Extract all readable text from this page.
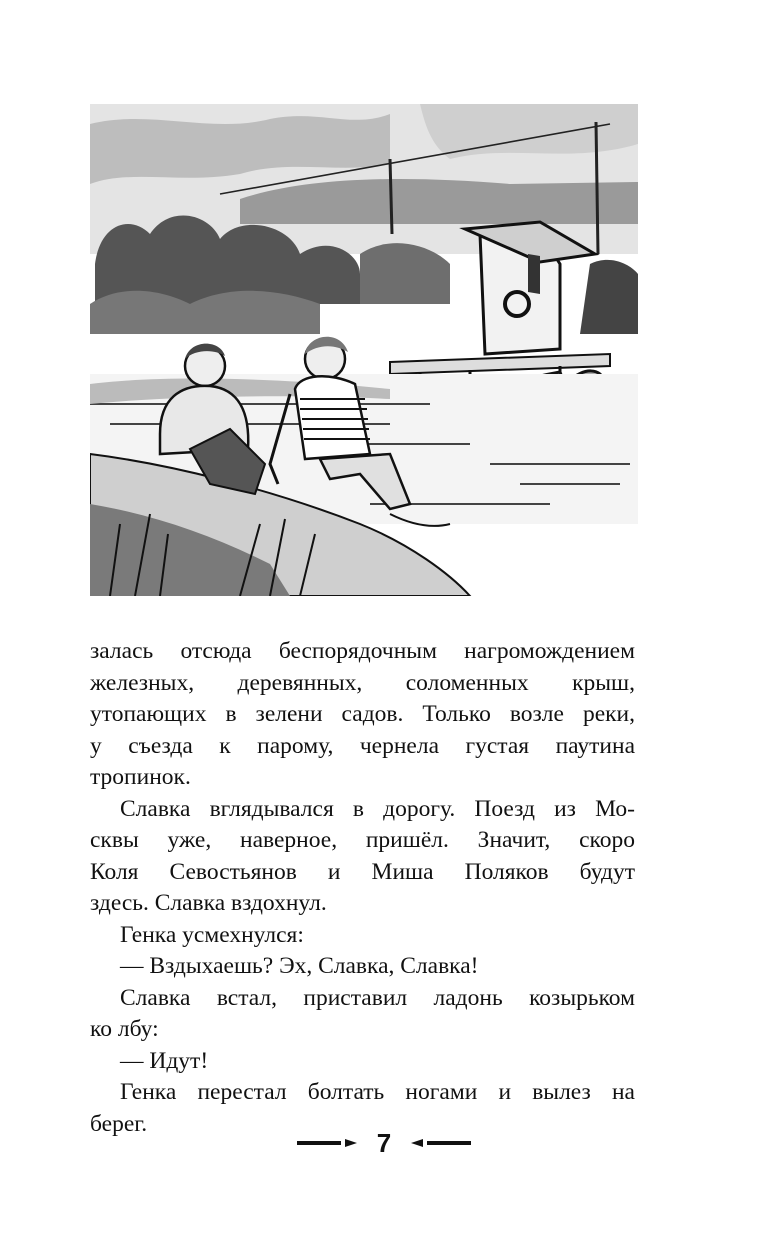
залась отсюда беспорядочным нагромождением
железных, деревянных, соломенных крыш,
утопающих в зелени садов. Только возле реки,
у съезда к парому, чернела густая паутина
тропинок.
Славка вглядывался в дорогу. Поезд из Мо-
сквы уже, наверное, пришёл. Значит, скоро
Коля Севостьянов и Миша Поляков будут
здесь. Славка вздохнул.
Генка усмехнулся:
— Вздыхаешь? Эх, Славка, Славка!
Славка встал, приставил ладонь козырьком
ко лбу:
— Идут!
Генка перестал болтать ногами и вылез на
берег.
7
